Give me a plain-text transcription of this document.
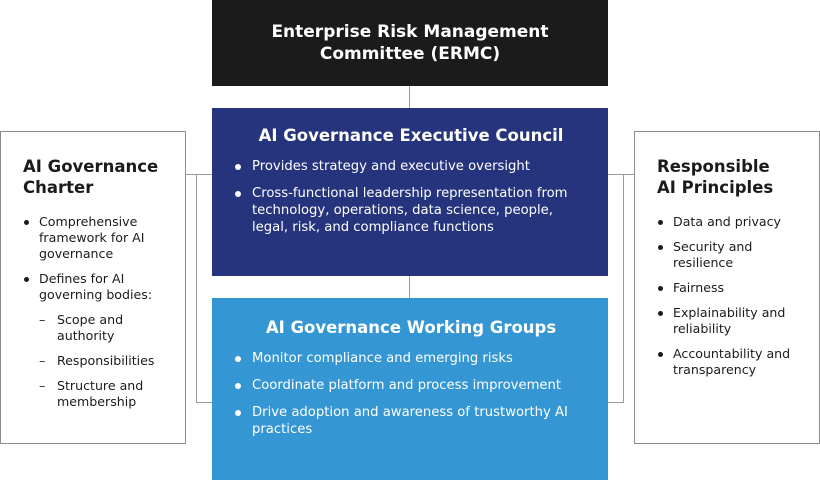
Enterprise Risk Management
Committee (ERMC)
AI Governance Executive Council
Provides strategy and executive oversight
Cross-functional leadership representation from technology, operations, data science, people, legal, risk, and compliance functions
AI Governance Working Groups
Monitor compliance and emerging risks
Coordinate platform and process improvement
Drive adoption and awareness of trustworthy AI practices
AI Governance
Charter
Comprehensive framework for AI governance
Defines for AI governing bodies:
– Scope and authority
– Responsibilities
– Structure and membership
Responsible
AI Principles
Data and privacy
Security and resilience
Fairness
Explainability and reliability
Accountability and transparency
